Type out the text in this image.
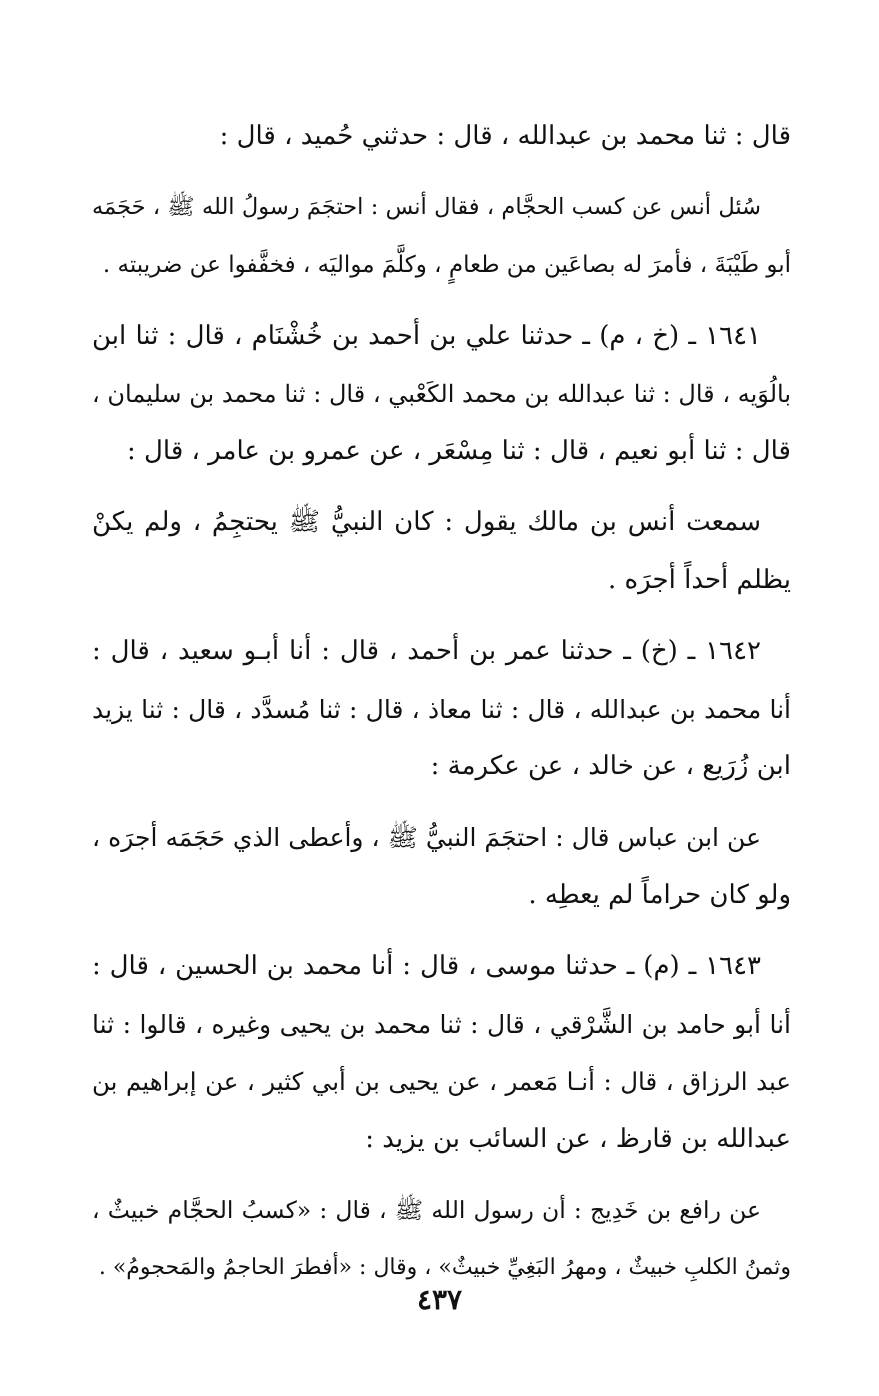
قال : ثنا محمد بن عبدالله ، قال : حدثني حُميد ، قال :
سُئل أنس عن كسب الحجَّام ، فقال أنس : احتجَمَ رسولُ الله ﷺ ، حَجَمَه
أبو طَيْبَةَ ، فأمرَ له بصاعَين من طعامٍ ، وكلَّمَ مواليَه ، فخفَّفوا عن ضريبته .
١٦٤١ ـ (خ ، م) ـ حدثنا علي بن أحمد بن خُشْنَام ، قال : ثنا ابن
بالُوَيه ، قال : ثنا عبدالله بن محمد الكَعْبي ، قال : ثنا محمد بن سليمان ،
قال : ثنا أبو نعيم ، قال : ثنا مِسْعَر ، عن عمرو بن عامر ، قال :
سمعت أنس بن مالك يقول : كان النبيُّ ﷺ يحتجِمُ ، ولم يكنْ
يظلم أحداً أجرَه .
١٦٤٢ ـ (خ) ـ حدثنا عمر بن أحمد ، قال : أنا أبـو سعيد ، قال :
أنا محمد بن عبدالله ، قال : ثنا معاذ ، قال : ثنا مُسدَّد ، قال : ثنا يزيد
ابن زُرَيع ، عن خالد ، عن عكرمة :
عن ابن عباس قال : احتجَمَ النبيُّ ﷺ ، وأعطى الذي حَجَمَه أجرَه ،
ولو كان حراماً لم يعطِه .
١٦٤٣ ـ (م) ـ حدثنا موسى ، قال : أنا محمد بن الحسين ، قال :
أنا أبو حامد بن الشَّرْقي ، قال : ثنا محمد بن يحيى وغيره ، قالوا : ثنا
عبد الرزاق ، قال : أنـا مَعمر ، عن يحيى بن أبي كثير ، عن إبراهيم بن
عبدالله بن قارظ ، عن السائب بن يزيد :
عن رافع بن خَدِيج : أن رسول الله ﷺ ، قال : «كسبُ الحجَّام خبيثٌ ،
وثمنُ الكلبِ خبيثٌ ، ومهرُ البَغِيِّ خبيثٌ» ، وقال : «أفطرَ الحاجمُ والمَحجومُ» .
٤٣٧
